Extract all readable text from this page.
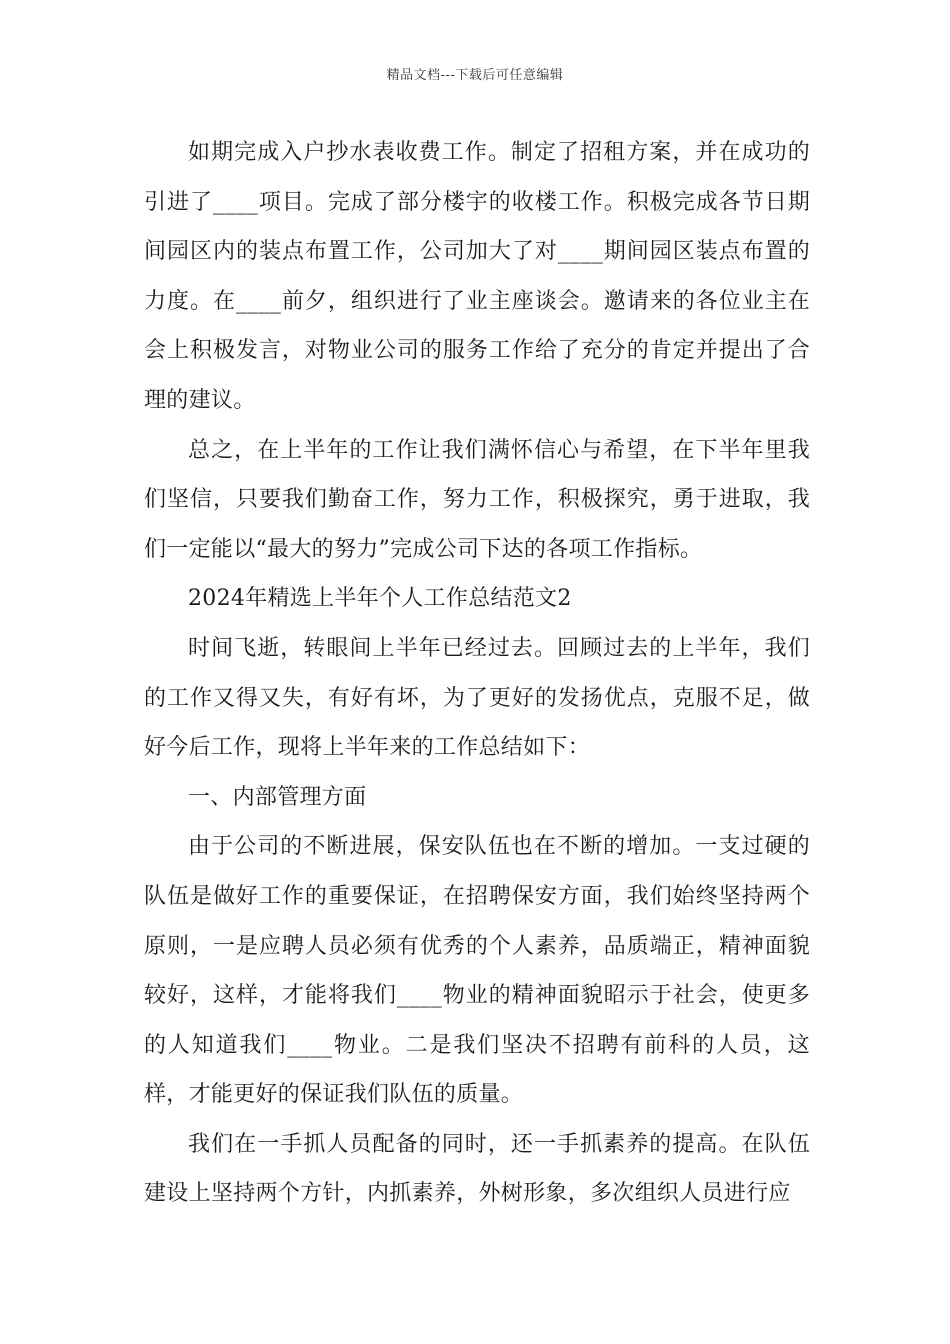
精品文档---下载后可任意编辑

如期完成入户抄水表收费工作。制定了招租方案，并在成功的引进了____项目。完成了部分楼宇的收楼工作。积极完成各节日期间园区内的装点布置工作，公司加大了对____期间园区装点布置的力度。在____前夕，组织进行了业主座谈会。邀请来的各位业主在会上积极发言，对物业公司的服务工作给了充分的肯定并提出了合理的建议。

总之，在上半年的工作让我们满怀信心与希望，在下半年里我们坚信，只要我们勤奋工作，努力工作，积极探究，勇于进取，我们一定能以“最大的努力”完成公司下达的各项工作指标。

2024年精选上半年个人工作总结范文2

时间飞逝，转眼间上半年已经过去。回顾过去的上半年，我们的工作又得又失，有好有坏，为了更好的发扬优点，克服不足，做好今后工作，现将上半年来的工作总结如下：

一、内部管理方面

由于公司的不断进展，保安队伍也在不断的增加。一支过硬的队伍是做好工作的重要保证，在招聘保安方面，我们始终坚持两个原则，一是应聘人员必须有优秀的个人素养，品质端正，精神面貌较好，这样，才能将我们____物业的精神面貌昭示于社会，使更多的人知道我们____物业。二是我们坚决不招聘有前科的人员，这样，才能更好的保证我们队伍的质量。

我们在一手抓人员配备的同时，还一手抓素养的提高。在队伍建设上坚持两个方针，内抓素养，外树形象，多次组织人员进行应
